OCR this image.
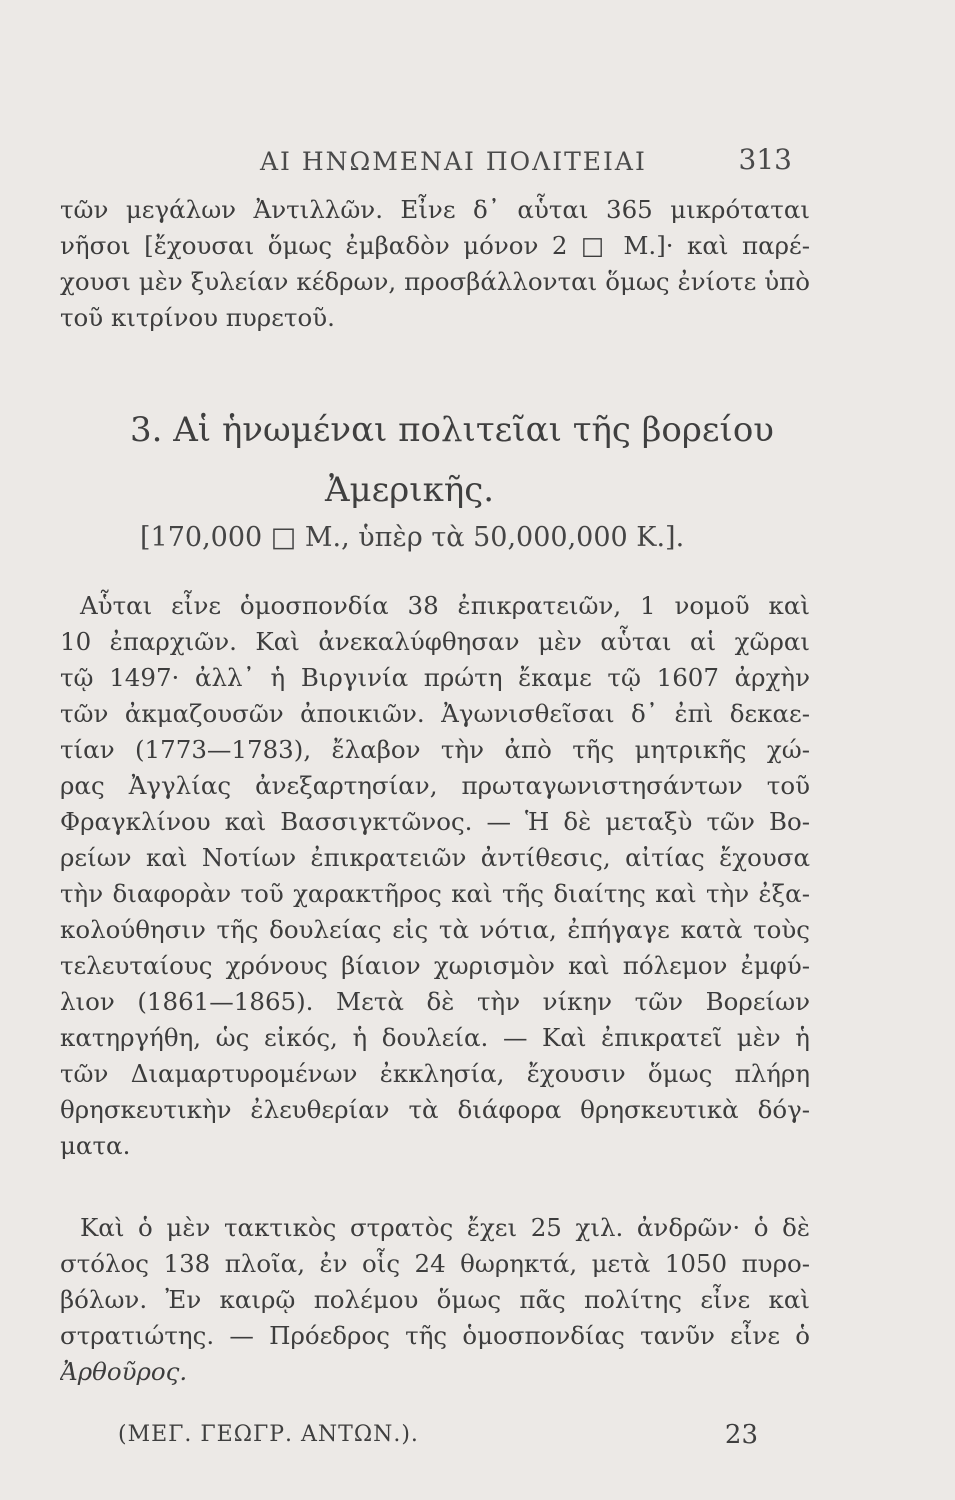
ΑΙ ΗΝΩΜΕΝΑΙ ΠΟΛΙΤΕΙΑΙ	313
τῶν μεγάλων Ἀντιλλῶν. Εἶνε δ᾽ αὗται 365 μικρόταται
νῆσοι [ἔχουσαι ὅμως ἐμβαδὸν μόνον 2 □ Μ.]· καὶ παρέ-
χουσι μὲν ξυλείαν κέδρων, προσβάλλονται ὅμως ἐνίοτε ὑπὸ
τοῦ κιτρίνου πυρετοῦ.
3. Αἱ ἡνωμέναι πολιτεῖαι τῆς βορείου
Ἀμερικῆς.
[170,000 □ Μ., ὑπὲρ τὰ 50,000,000 Κ.].
Αὗται εἶνε ὁμοσπονδία 38 ἐπικρατειῶν, 1 νομοῦ καὶ
10 ἐπαρχιῶν. Καὶ ἀνεκαλύφθησαν μὲν αὗται αἱ χῶραι
τῷ 1497· ἀλλ᾽ ἡ Βιργινία πρώτη ἔκαμε τῷ 1607 ἀρχὴν
τῶν ἀκμαζουσῶν ἀποικιῶν. Ἀγωνισθεῖσαι δ᾽ ἐπὶ δεκαε-
τίαν (1773—1783), ἔλαβον τὴν ἀπὸ τῆς μητρικῆς χώ-
ρας Ἀγγλίας ἀνεξαρτησίαν, πρωταγωνιστησάντων τοῦ
Φραγκλίνου καὶ Βασσιγκτῶνος. — Ἡ δὲ μεταξὺ τῶν Βο-
ρείων καὶ Νοτίων ἐπικρατειῶν ἀντίθεσις, αἰτίας ἔχουσα
τὴν διαφορὰν τοῦ χαρακτῆρος καὶ τῆς διαίτης καὶ τὴν ἐξα-
κολούθησιν τῆς δουλείας εἰς τὰ νότια, ἐπήγαγε κατὰ τοὺς
τελευταίους χρόνους βίαιον χωρισμὸν καὶ πόλεμον ἐμφύ-
λιον (1861—1865). Μετὰ δὲ τὴν νίκην τῶν Βορείων
κατηργήθη, ὡς εἰκός, ἡ δουλεία. — Καὶ ἐπικρατεῖ μὲν ἡ
τῶν Διαμαρτυρομένων ἐκκλησία, ἔχουσιν ὅμως πλήρη
θρησκευτικὴν ἐλευθερίαν τὰ διάφορα θρησκευτικὰ δόγ-
ματα.
Καὶ ὁ μὲν τακτικὸς στρατὸς ἔχει 25 χιλ. ἀνδρῶν· ὁ δὲ
στόλος 138 πλοῖα, ἐν οἷς 24 θωρηκτά, μετὰ 1050 πυρο-
βόλων. Ἐν καιρῷ πολέμου ὅμως πᾶς πολίτης εἶνε καὶ
στρατιώτης. — Πρόεδρος τῆς ὁμοσπονδίας τανῦν εἶνε ὁ
Ἀρθοῦρος.
(ΜΕΓ. ΓΕΩΓΡ. ΑΝΤΩΝ.).	23
